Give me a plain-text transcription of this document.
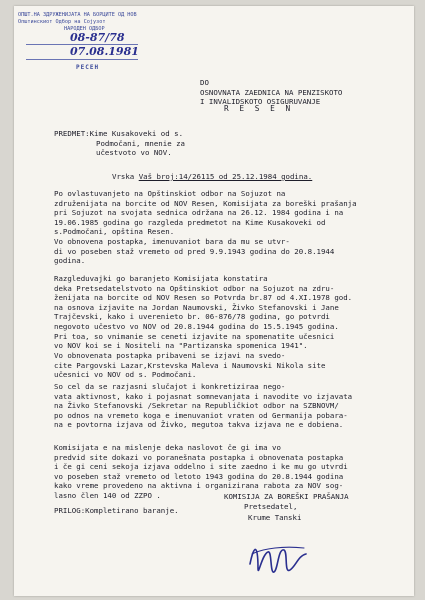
ОПШТ.НА ЗДРУЖЕНИЈАТА НА БОРЦИТЕ ОД НОВ
Општинскиот Одбор на Сојузот
НАРОДЕН ОДБОР
08-87/78
07.08.1981
РЕСЕН
DO
OSNOVNATA ZAEDNICA NA PENZISKOTO
I INVALIDSKOTO OSIGURUVANJE
R E S E N
PREDMET:Kime Kusakoveki od s.
Podmočani, mnenie za
učestvoto vo NOV.
Vrska Vaš broj:14/26115 od 25.12.1984 godina.
Po ovlastuvanjeto na Opštinskiot odbor na Sojuzot na
združenijata na borcite od NOV Resen, Komisijata za boreški prašanja
pri Sojuzot na svojata sednica održana na 26.12. 1984 godina i na
19.06.1985 godina go razgleda predmetot na Kime Kusakoveki od
s.Podmočani, opština Resen.
Vo obnovena postapka, imenuvaniot bara da mu se utvr-
di vo poseben staž vremeto od pred 9.9.1943 godina do 20.8.1944
godina.
Razgleduvajki go baranjeto Komisijata konstatira
deka Pretsedatelstvoto na Opštinskiot odbor na Sojuzot na zdru-
ženijata na borcite od NOV Resen so Potvrda br.87 od 4.XI.1978 god.
na osnova izjavite na Jordan Naumovski, Živko Stefanovski i Jane
Trajčevski, kako i uverenieto br. 06-876/78 godina, go potvrdi
negovoto učestvo vo NOV od 20.8.1944 godina do 15.5.1945 godina.
Pri toa, so vnimanie se ceneti izjavite na spomenatite učesnici
vo NOV koi se i Nositeli na "Partizanska spomenica 1941".
Vo obnovenata postapka pribaveni se izjavi na svedo-
cite Pargovski Lazar,Krstevska Maleva i Naumovski Nikola site
učesnici vo NOV od s. Podmočani.
So cel da se razjasni slučajot i konkretiziraa nego-
vata aktivnost, kako i pojasnat somnevanjata i navodite vo izjavata
na Živko Stefanovski /Sekretar na Republičkiot odbor na SZBNOVM/
po odnos na vremeto koga e imenuvaniot vraten od Germanija pobara-
na e povtorna izjava od Živko, megutoa takva izjava ne e dobiena.
Komisijata e na mislenje deka naslovot če gi ima vo
predvid site dokazi vo poranešnata postapka i obnovenata postapka
i če gi ceni sekoja izjava oddelno i site zaedno i ke mu go utvrdi
vo poseben staž vremeto od letoto 1943 godina do 20.8.1944 godina
kako vreme provedeno na aktivna i organizirana rabota za NOV sog-
lasno člen 140 od ZZPO .
PRILOG:Kompletirano baranje.
KOMISIJA ZA BOREŠKI PRAŠANJA
Pretsedatel,
Krume Tanski
